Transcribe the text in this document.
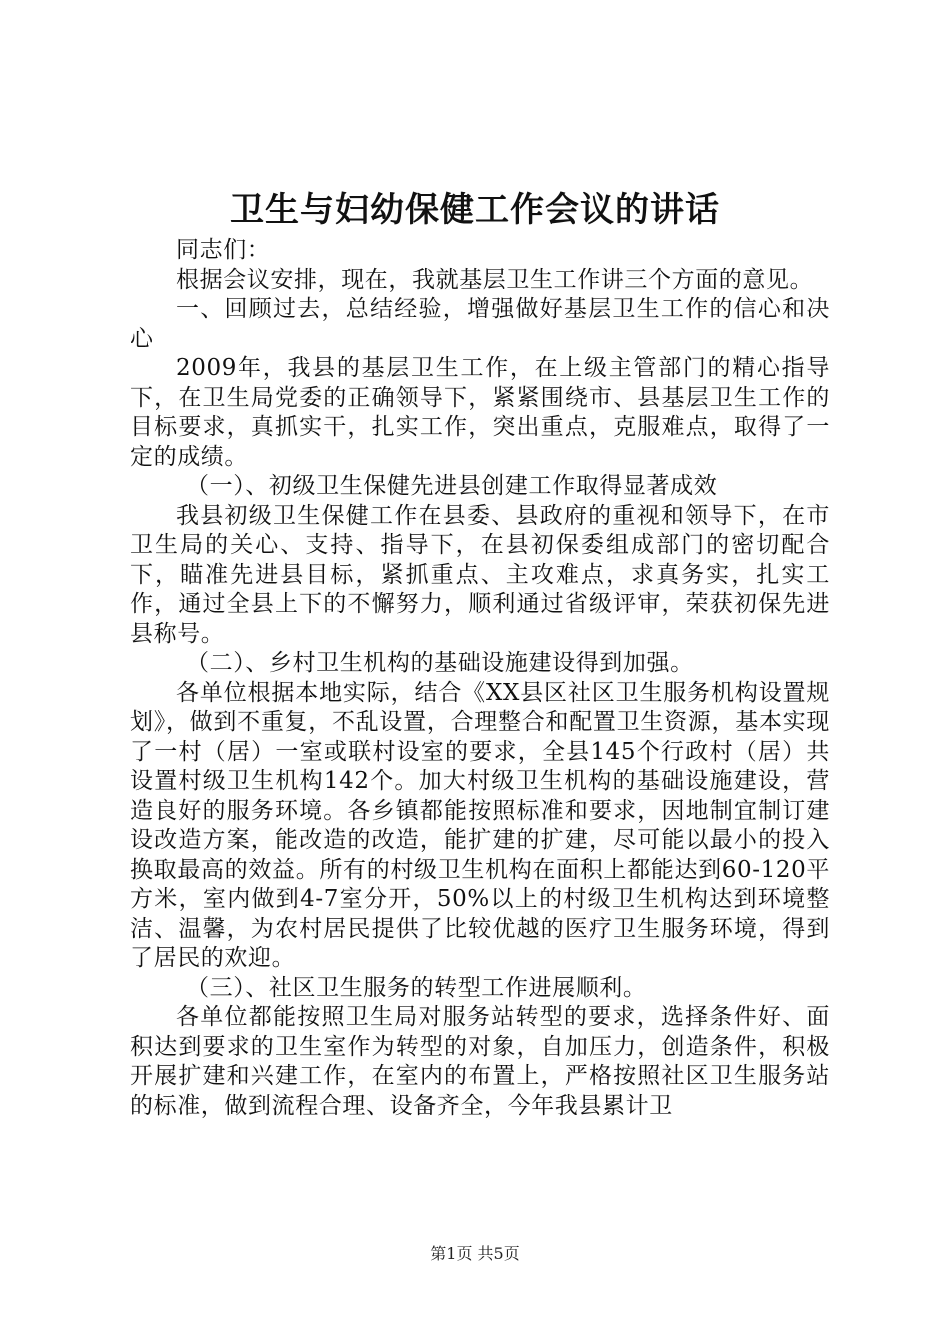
卫生与妇幼保健工作会议的讲话

同志们：

根据会议安排，现在，我就基层卫生工作讲三个方面的意见。

一、回顾过去，总结经验，增强做好基层卫生工作的信心和决心

2009年，我县的基层卫生工作，在上级主管部门的精心指导下，在卫生局党委的正确领导下，紧紧围绕市、县基层卫生工作的目标要求，真抓实干，扎实工作，突出重点，克服难点，取得了一定的成绩。

（一）、初级卫生保健先进县创建工作取得显著成效

我县初级卫生保健工作在县委、县政府的重视和领导下，在市卫生局的关心、支持、指导下，在县初保委组成部门的密切配合下，瞄准先进县目标，紧抓重点、主攻难点，求真务实，扎实工作，通过全县上下的不懈努力，顺利通过省级评审，荣获初保先进县称号。

（二）、乡村卫生机构的基础设施建设得到加强。

各单位根据本地实际，结合《XX县区社区卫生服务机构设置规划》，做到不重复，不乱设置，合理整合和配置卫生资源，基本实现了一村（居）一室或联村设室的要求，全县145个行政村（居）共设置村级卫生机构142个。加大村级卫生机构的基础设施建设，营造良好的服务环境。各乡镇都能按照标准和要求，因地制宜制订建设改造方案，能改造的改造，能扩建的扩建，尽可能以最小的投入换取最高的效益。所有的村级卫生机构在面积上都能达到60-120平方米，室内做到4-7室分开，50%以上的村级卫生机构达到环境整洁、温馨，为农村居民提供了比较优越的医疗卫生服务环境，得到了居民的欢迎。

（三）、社区卫生服务的转型工作进展顺利。

各单位都能按照卫生局对服务站转型的要求，选择条件好、面积达到要求的卫生室作为转型的对象，自加压力，创造条件，积极开展扩建和兴建工作，在室内的布置上，严格按照社区卫生服务站的标准，做到流程合理、设备齐全，今年我县累计卫

第1页 共5页
